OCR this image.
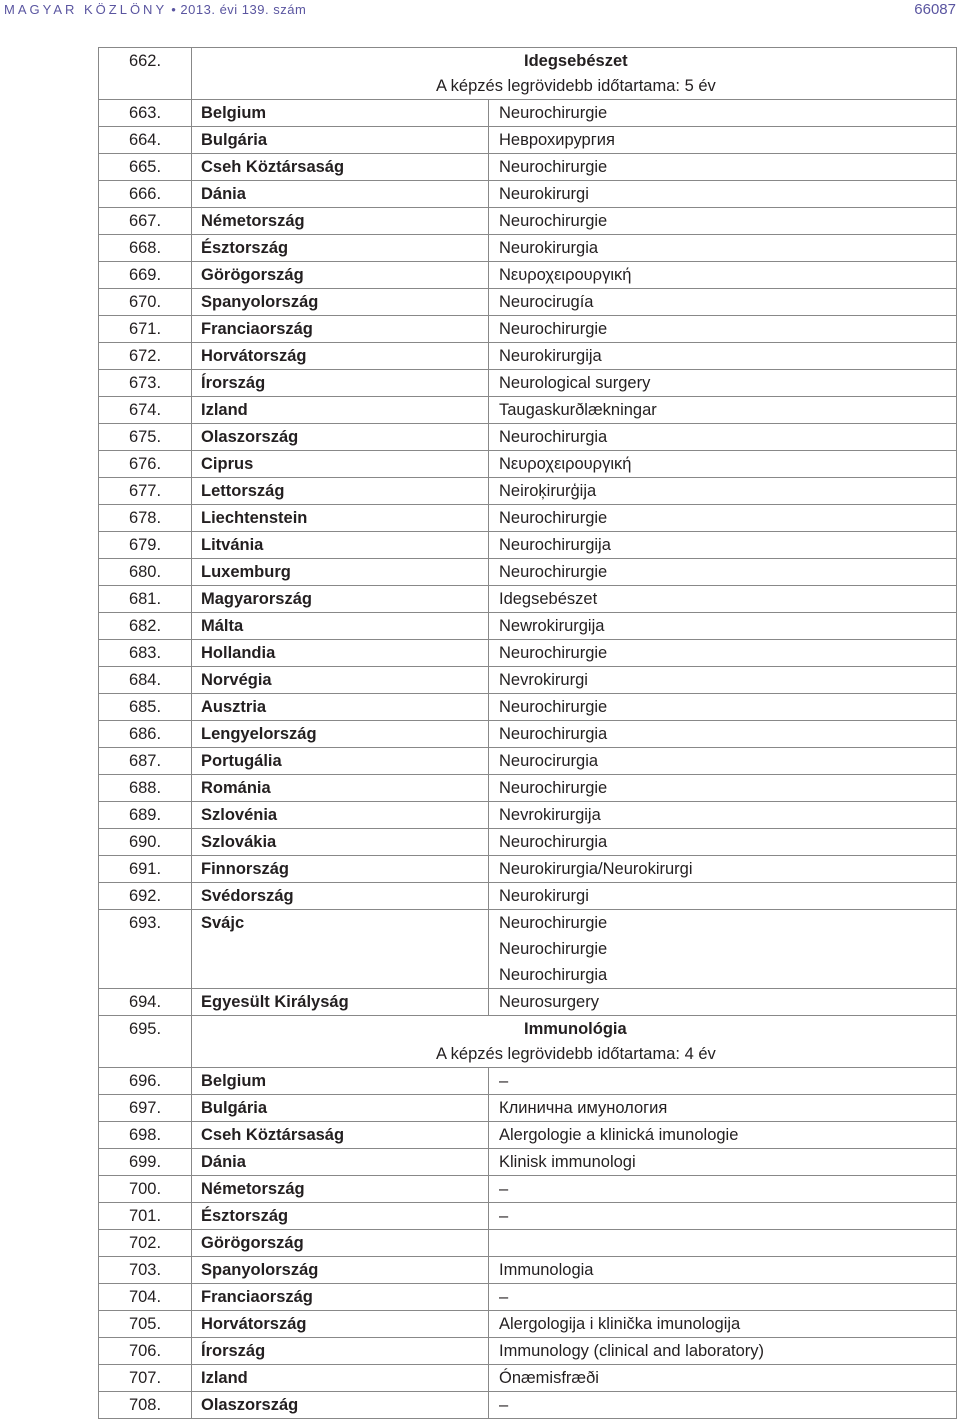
MAGYAR KÖZLÖNY • 2013. évi 139. szám	66087
662.	Idegsebészet
A képzés legrövidebb időtartama: 5 év	

663.	Belgium	Neurochirurgie
664.	Bulgária	Неврохирургия
665.	Cseh Köztársaság	Neurochirurgie
666.	Dánia	Neurokirurgi
667.	Németország	Neurochirurgie
668.	Észtország	Neurokirurgia
669.	Görögország	Νευροχειρουργική
670.	Spanyolország	Neurocirugía
671.	Franciaország	Neurochirurgie
672.	Horvátország	Neurokirurgija
673.	Írország	Neurological surgery
674.	Izland	Taugaskurðlækningar
675.	Olaszország	Neurochirurgia
676.	Ciprus	Νευροχειρουργική
677.	Lettország	Neiroķirurģija
678.	Liechtenstein	Neurochirurgie
679.	Litvánia	Neurochirurgija
680.	Luxemburg	Neurochirurgie
681.	Magyarország	Idegsebészet
682.	Málta	Newrokirurgija
683.	Hollandia	Neurochirurgie
684.	Norvégia	Nevrokirurgi
685.	Ausztria	Neurochirurgie
686.	Lengyelország	Neurochirurgia
687.	Portugália	Neurocirurgia
688.	Románia	Neurochirurgie
689.	Szlovénia	Nevrokirurgija
690.	Szlovákia	Neurochirurgia
691.	Finnország	Neurokirurgia/Neurokirurgi
692.	Svédország	Neurokirurgi
693.	Svájc	Neurochirurgie
Neurochirurgie
Neurochirurgia

694.	Egyesült Királyság	Neurosurgery
695.	Immunológia
A képzés legrövidebb időtartama: 4 év	

696.	Belgium	–
697.	Bulgária	Клинична имунология
698.	Cseh Köztársaság	Alergologie a klinická imunologie
699.	Dánia	Klinisk immunologi
700.	Németország	–
701.	Észtország	–
702.	Görögország	
703.	Spanyolország	Immunologia
704.	Franciaország	–
705.	Horvátország	Alergologija i klinička imunologija
706.	Írország	Immunology (clinical and laboratory)
707.	Izland	Ónæmisfræði
708.	Olaszország	–
